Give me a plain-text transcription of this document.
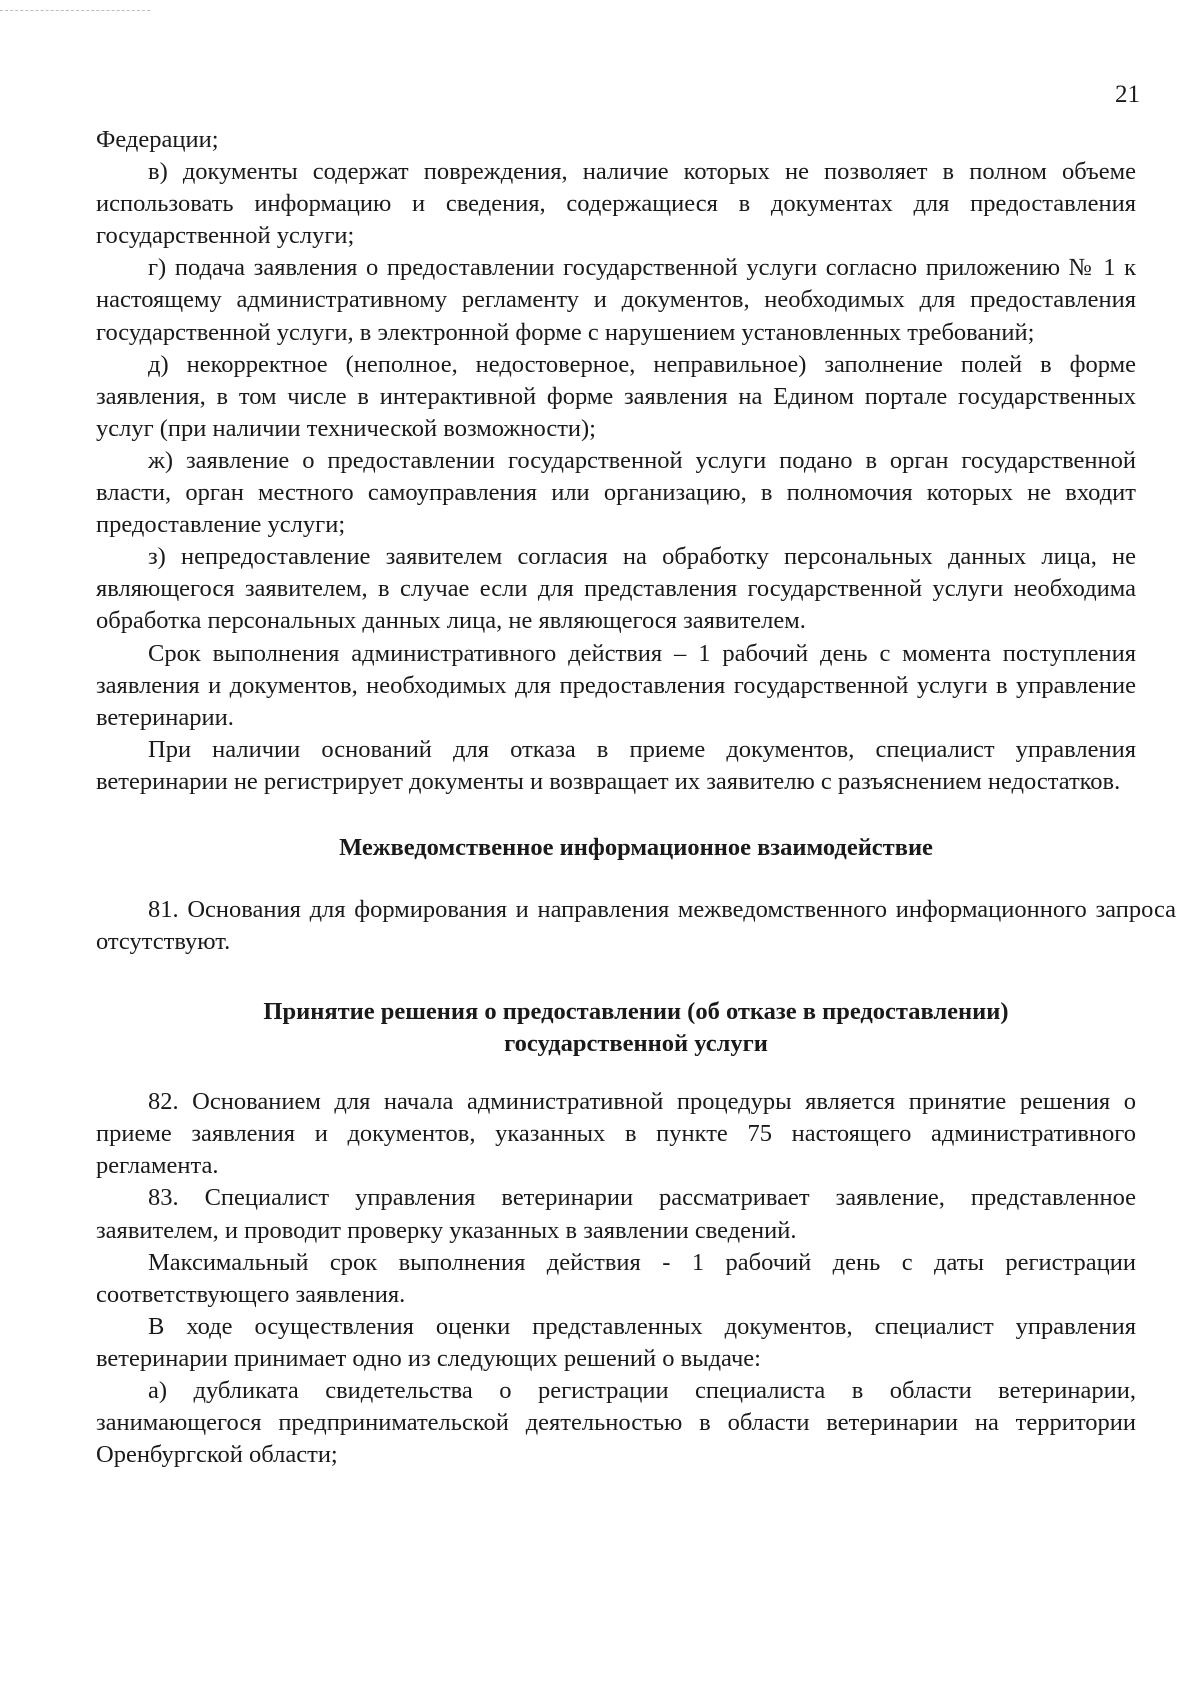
21

Федерации;

в) документы содержат повреждения, наличие которых не позволяет в полном объеме использовать информацию и сведения, содержащиеся в документах для предоставления государственной услуги;

г) подача заявления о предоставлении государственной услуги согласно приложению № 1 к настоящему административному регламенту и документов, необходимых для предоставления государственной услуги, в электронной форме с нарушением установленных требований;

д) некорректное (неполное, недостоверное, неправильное) заполнение полей в форме заявления, в том числе в интерактивной форме заявления на Едином портале государственных услуг (при наличии технической возможности);

ж) заявление о предоставлении государственной услуги подано в орган государственной власти, орган местного самоуправления или организацию, в полномочия которых не входит предоставление услуги;

з) непредоставление заявителем согласия на обработку персональных данных лица, не являющегося заявителем, в случае если для представления государственной услуги необходима обработка персональных данных лица, не являющегося заявителем.

Срок выполнения административного действия – 1 рабочий день с момента поступления заявления и документов, необходимых для предоставления государственной услуги в управление ветеринарии.

При наличии оснований для отказа в приеме документов, специалист управления ветеринарии не регистрирует документы и возвращает их заявителю с разъяснением недостатков.

Межведомственное информационное взаимодействие

81. Основания для формирования и направления межведомственного информационного запроса отсутствуют.

Принятие решения о предоставлении (об отказе в предоставлении)
государственной услуги

82. Основанием для начала административной процедуры является принятие решения о приеме заявления и документов, указанных в пункте 75 настоящего административного регламента.

83. Специалист управления ветеринарии рассматривает заявление, представленное заявителем, и проводит проверку указанных в заявлении сведений.

Максимальный срок выполнения действия - 1 рабочий день с даты регистрации соответствующего заявления.

В ходе осуществления оценки представленных документов, специалист управления ветеринарии принимает одно из следующих решений о выдаче:

а) дубликата свидетельства о регистрации специалиста в области ветеринарии, занимающегося предпринимательской деятельностью в области ветеринарии на территории Оренбургской области;
